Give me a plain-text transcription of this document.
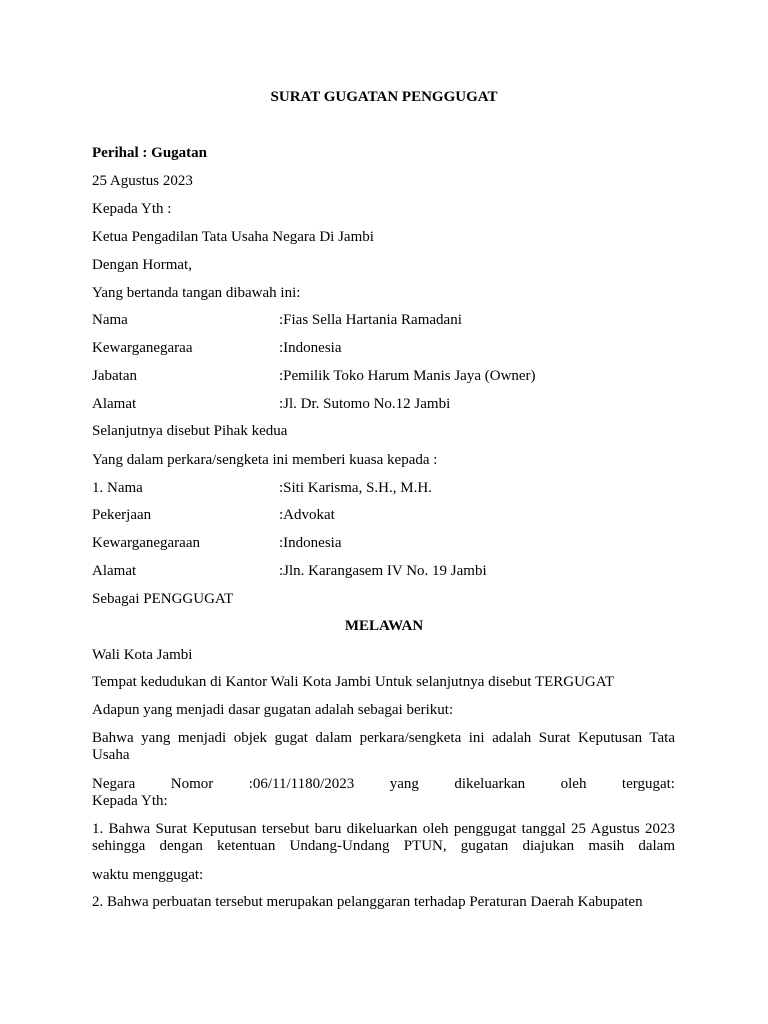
SURAT GUGATAN PENGGUGAT
Perihal : Gugatan
25 Agustus 2023
Kepada Yth :
Ketua Pengadilan Tata Usaha Negara Di Jambi
Dengan Hormat,
Yang bertanda tangan dibawah ini:
Nama	:Fias Sella Hartania Ramadani
Kewarganegaraa	:Indonesia
Jabatan	:Pemilik Toko Harum Manis Jaya (Owner)
Alamat	:Jl. Dr. Sutomo No.12 Jambi
Selanjutnya disebut Pihak kedua
Yang dalam perkara/sengketa ini memberi kuasa kepada :
1. Nama	:Siti Karisma, S.H., M.H.
Pekerjaan	:Advokat
Kewarganegaraan	:Indonesia
Alamat	:Jln. Karangasem IV No. 19 Jambi
Sebagai PENGGUGAT
MELAWAN
Wali Kota Jambi
Tempat kedudukan di Kantor Wali Kota Jambi Untuk selanjutnya disebut TERGUGAT
Adapun yang menjadi dasar gugatan adalah sebagai berikut:
Bahwa yang menjadi objek gugat dalam perkara/sengketa ini adalah Surat Keputusan Tata
Usaha
Negara Nomor :06/11/1180/2023 yang dikeluarkan oleh tergugat:
Kepada Yth:
1. Bahwa Surat Keputusan tersebut baru dikeluarkan oleh penggugat tanggal 25 Agustus 2023 sehingga dengan ketentuan Undang-Undang PTUN, gugatan diajukan masih dalam
waktu menggugat:
2. Bahwa perbuatan tersebut merupakan pelanggaran terhadap Peraturan Daerah Kabupaten
